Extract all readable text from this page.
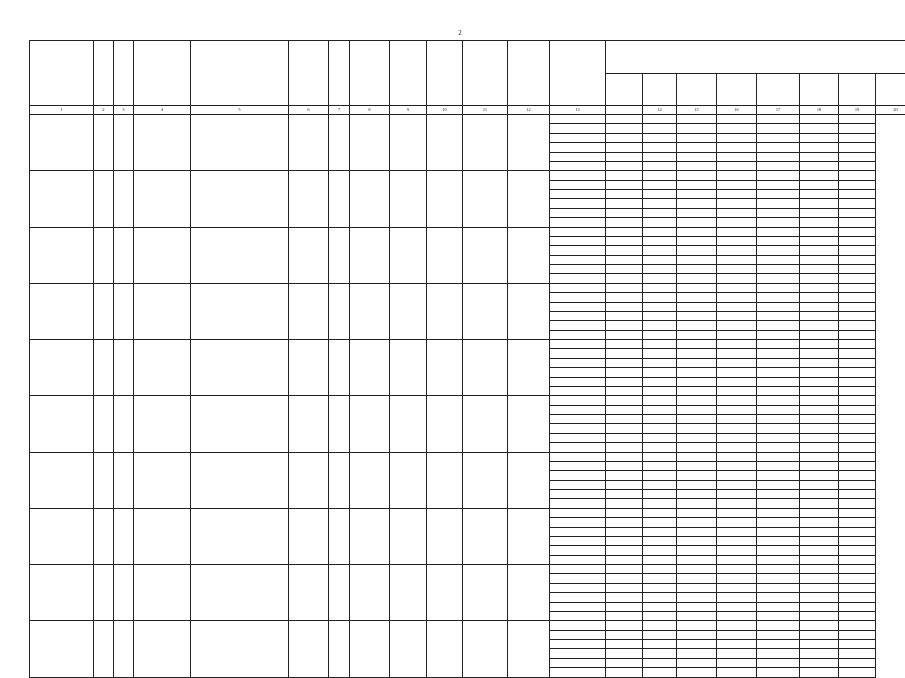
2

1	2	3	4	5	6	7	8	9	10	11	12	13		14	15	16	17	18	19	20
